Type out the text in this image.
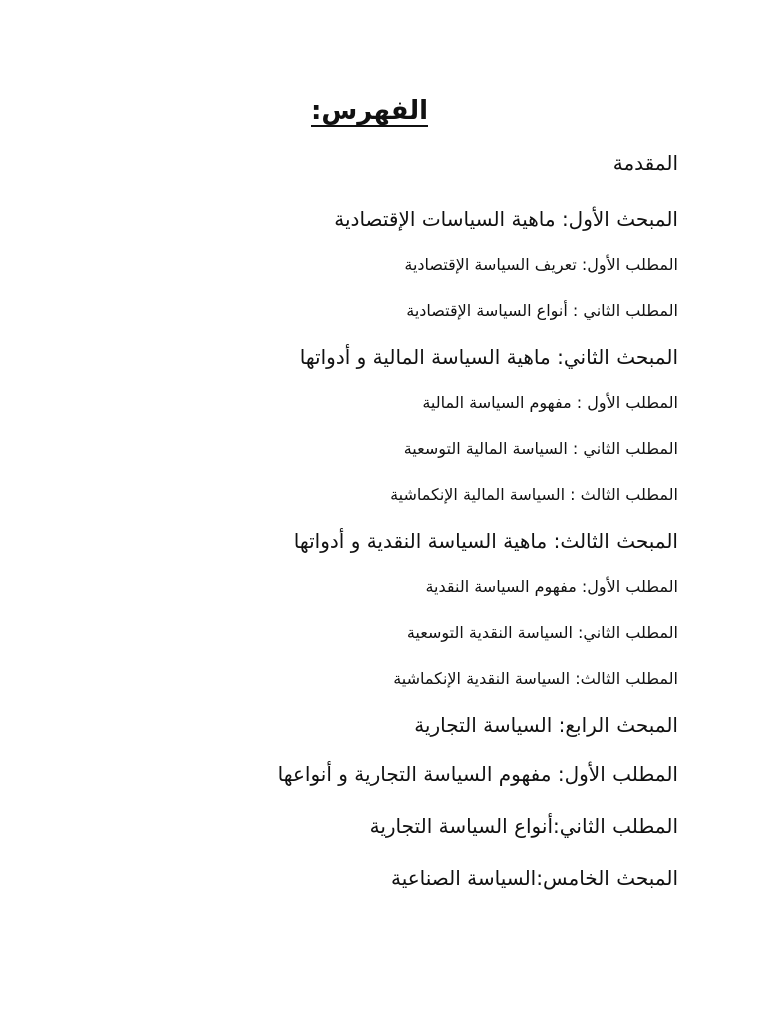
الفهرس:
المقدمة
المبحث الأول: ماهية السياسات الإقتصادية
المطلب الأول: تعريف السياسة الإقتصادية
المطلب الثاني : أنواع السياسة الإقتصادية
المبحث الثاني: ماهية السياسة المالية و أدواتها
المطلب الأول : مفهوم السياسة المالية
المطلب الثاني : السياسة المالية التوسعية
المطلب الثالث : السياسة المالية الإنكماشية
المبحث الثالث: ماهية السياسة النقدية و أدواتها
المطلب الأول: مفهوم السياسة النقدية
المطلب الثاني: السياسة النقدية التوسعية
المطلب الثالث: السياسة النقدية الإنكماشية
المبحث الرابع: السياسة التجارية
المطلب الأول: مفهوم السياسة التجارية و أنواعها
المطلب الثاني:أنواع السياسة التجارية
المبحث الخامس:السياسة الصناعية
